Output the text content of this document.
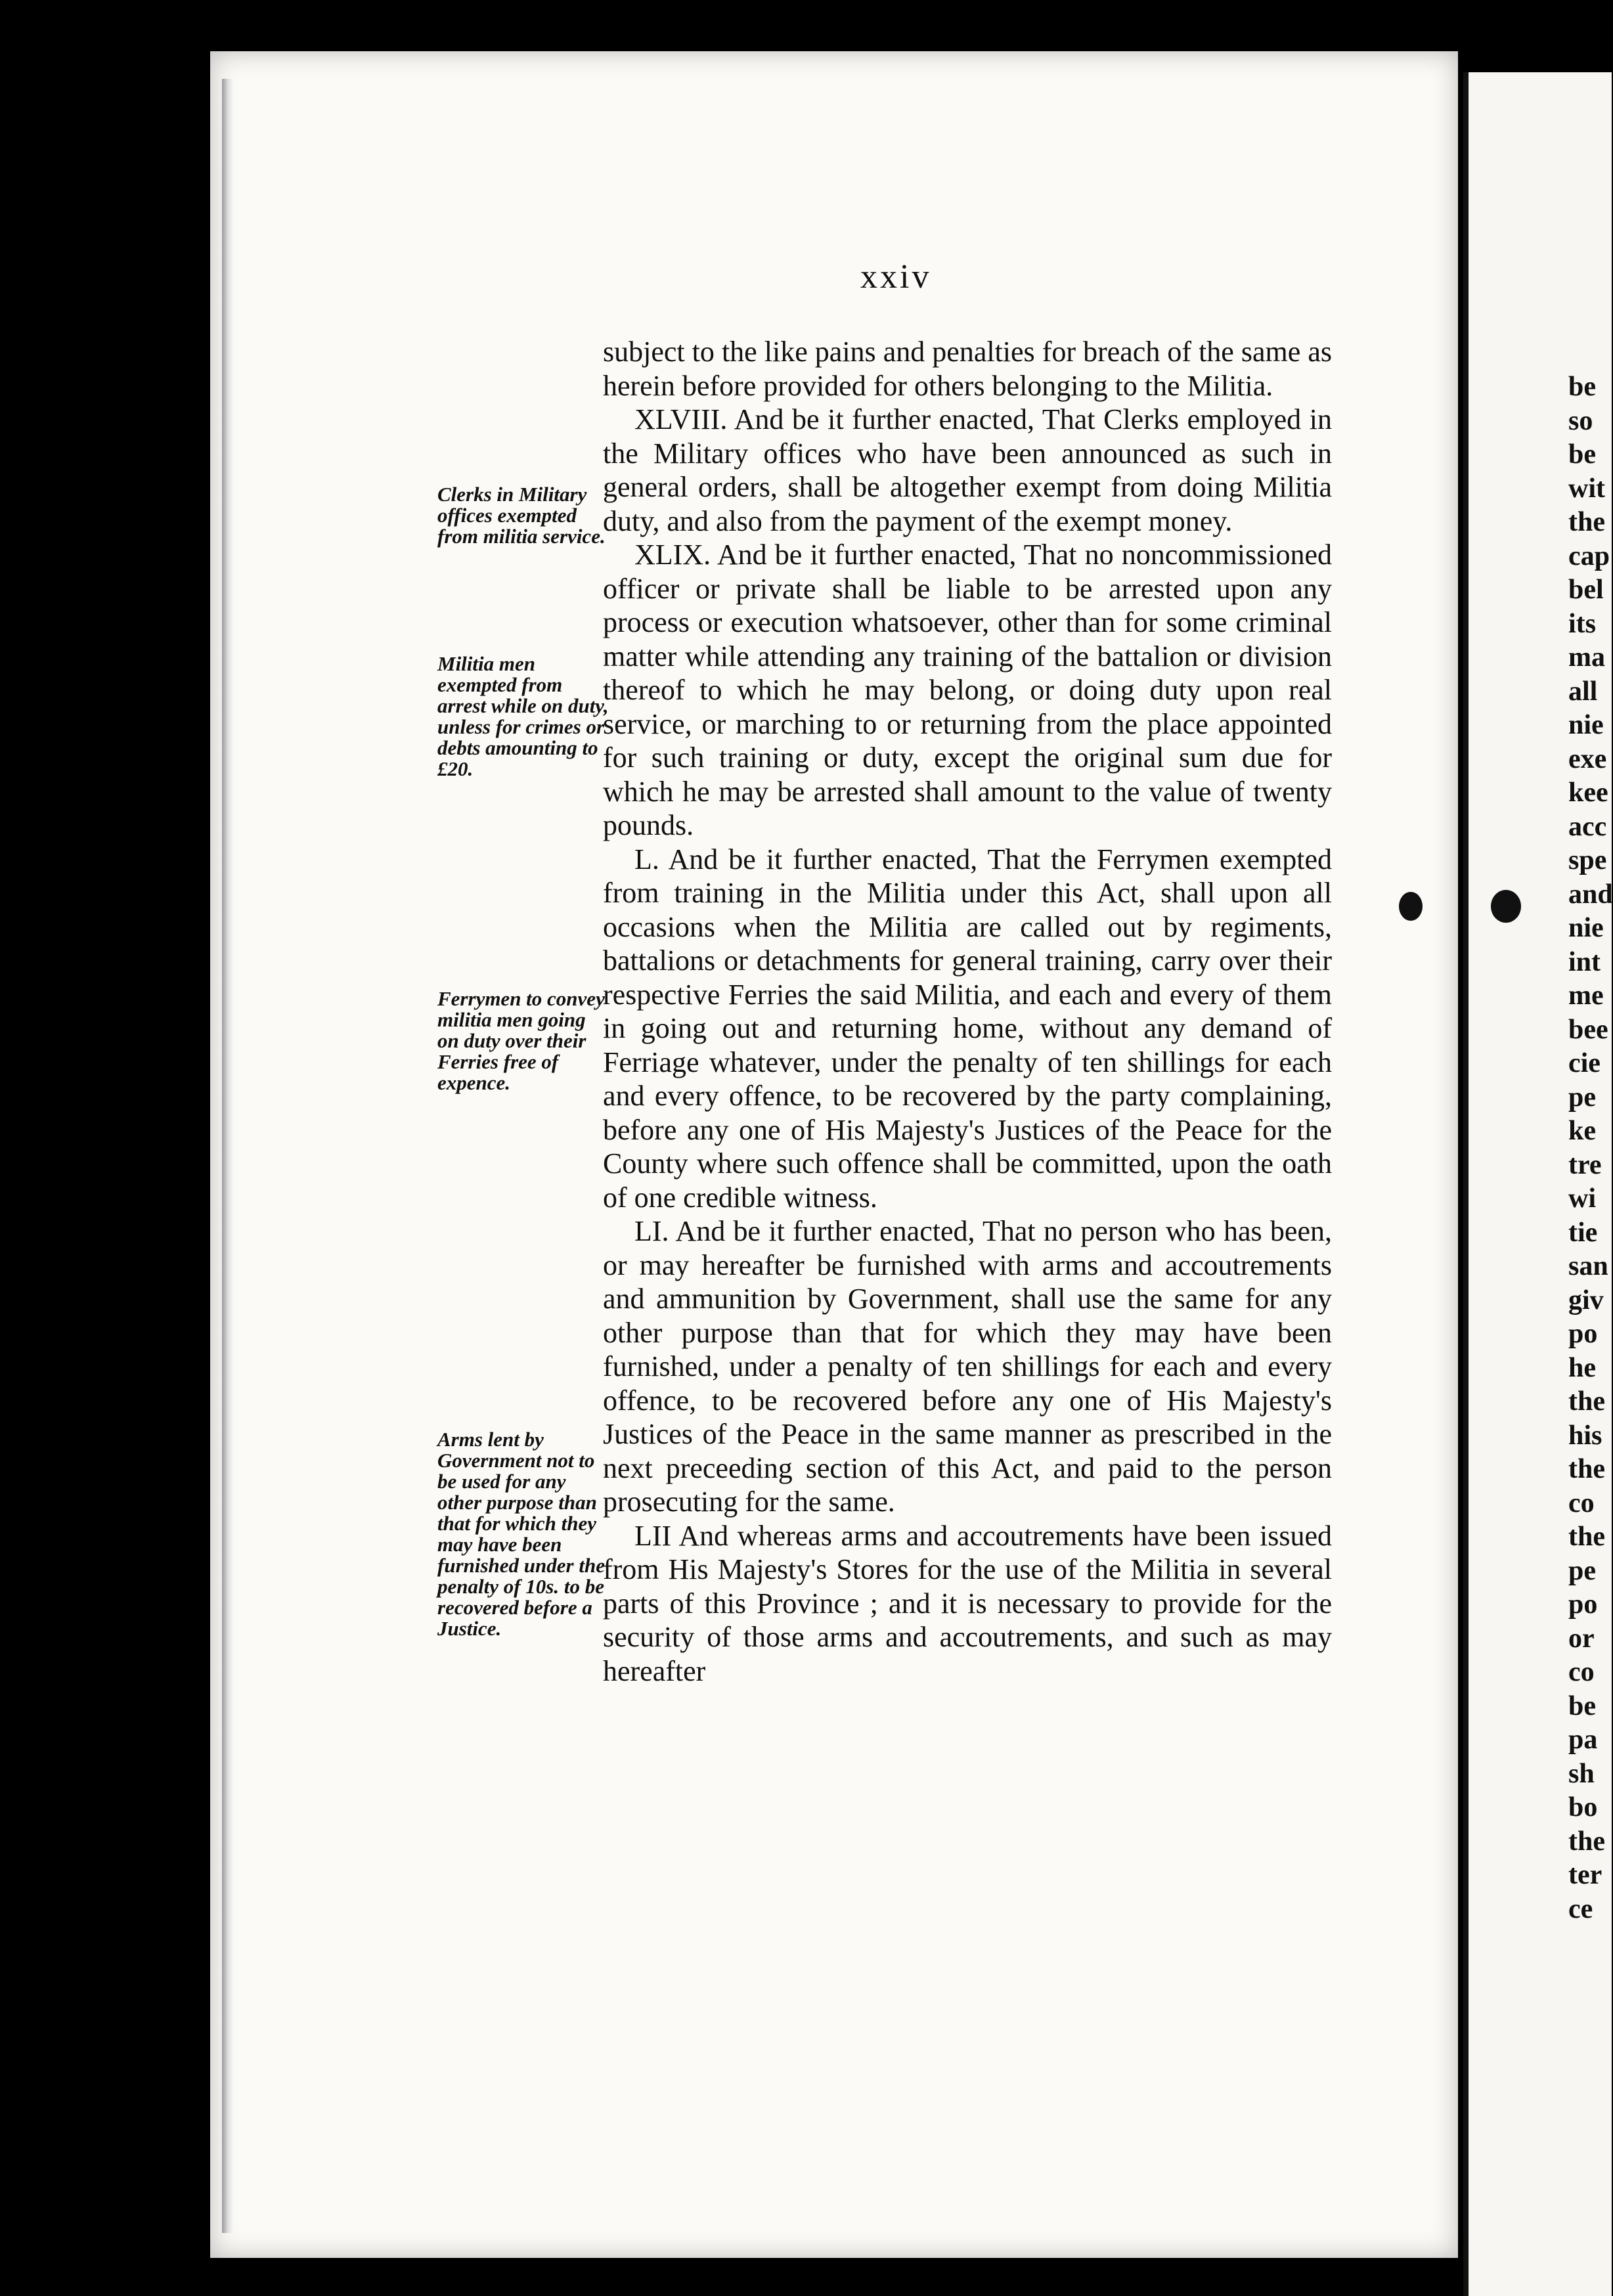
xxiv

subject to the like pains and penalties for breach of the same as herein before provided for others belonging to the Militia.

XLVIII. And be it further enacted, That Clerks employed in the Military offices who have been announced as such in general orders, shall be altogether exempt from doing Militia duty, and also from the payment of the exempt money.

XLIX. And be it further enacted, That no noncommissioned officer or private shall be liable to be arrested upon any process or execution whatsoever, other than for some criminal matter while attending any training of the battalion or division thereof to which he may belong, or doing duty upon real service, or marching to or returning from the place appointed for such training or duty, except the original sum due for which he may be arrested shall amount to the value of twenty pounds.

L. And be it further enacted, That the Ferrymen exempted from training in the Militia under this Act, shall upon all occasions when the Militia are called out by regiments, battalions or detachments for general training, carry over their respective Ferries the said Militia, and each and every of them in going out and returning home, without any demand of Ferriage whatever, under the penalty of ten shillings for each and every offence, to be recovered by the party complaining, before any one of His Majesty's Justices of the Peace for the County where such offence shall be committed, upon the oath of one credible witness.

LI. And be it further enacted, That no person who has been, or may hereafter be furnished with arms and accoutrements and ammunition by Government, shall use the same for any other purpose than that for which they may have been furnished, under a penalty of ten shillings for each and every offence, to be recovered before any one of His Majesty's Justices of the Peace in the same manner as prescribed in the next preceeding section of this Act, and paid to the person prosecuting for the same.

LII And whereas arms and accoutrements have been issued from His Majesty's Stores for the use of the Militia in several parts of this Province ; and it is necessary to provide for the security of those arms and accoutrements, and such as may hereafter

Clerks in Military offices exempted from militia service.
Militia men exempted from arrest while on duty, unless for crimes or debts amounting to £20.
Ferrymen to convey militia men going on duty over their Ferries free of expence.
Arms lent by Government not to be used for any other purpose than that for which they may have been furnished under the penalty of 10s. to be recovered before a Justice.
be
so
be
wit
the
cap
bel
its
ma
all
nie
exe
kee
acc
spe
and
nie
int
me
bee
cie
pe
ke
tre
wi
tie
san
giv
po
he
the
his
the
co
the
pe
po
or
co
be
pa
sh
bo
the
ter
ce
